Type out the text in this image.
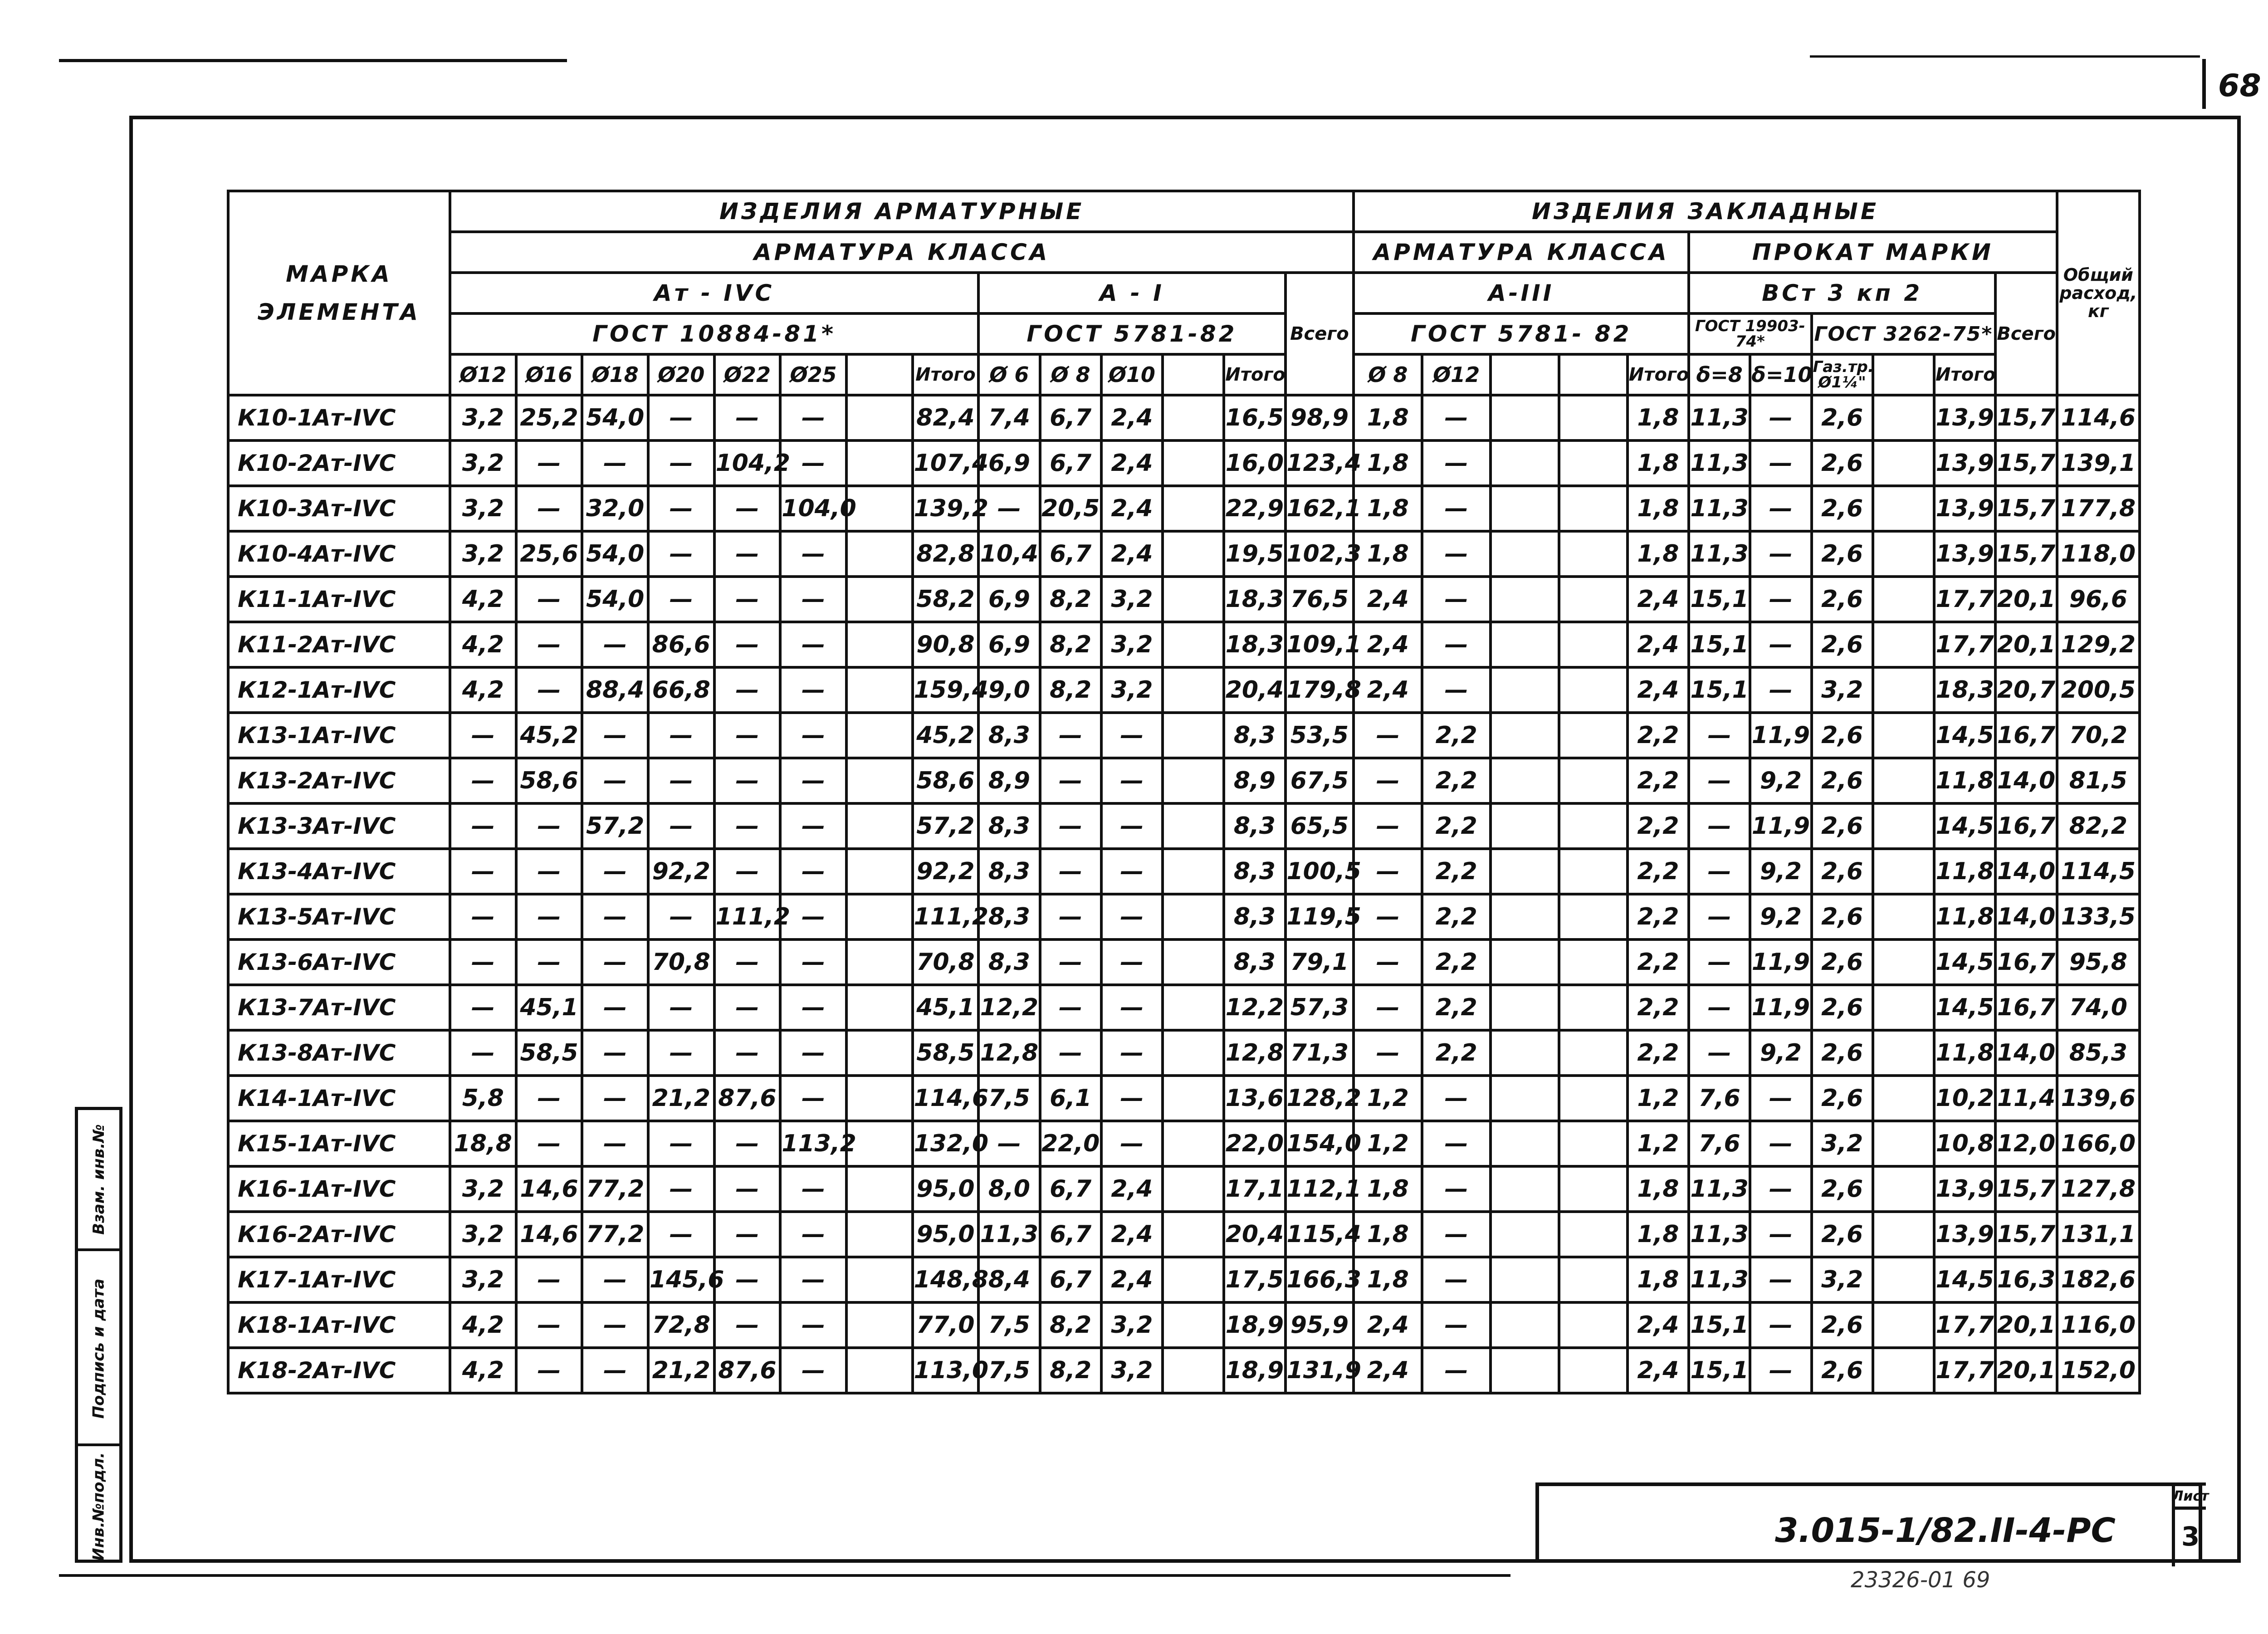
68
Взам. инв.№
Подпись и дата
Инв.№подл.	3.015-1/82.II-4-РС
Лист
3
23326-01 69
МАРКА ЭЛЕМЕНТА	ИЗДЕЛИЯ АРМАТУРНЫЕ														ИЗДЕЛИЯ ЗАКЛАДНЫЕ											Общий расход, кг
	АРМАТУРА КЛАССА														АРМАТУРА КЛАССА					ПРОКАТ МАРКИ						
	Ат - IVС								А - I					Всего	А-III					ВСт 3 кп 2					Всего	
	ГОСТ 10884-81*								ГОСТ 5781-82						ГОСТ 5781- 82					ГОСТ 19903-74*		ГОСТ 3262-75*				
	Ø12	Ø16	Ø18	Ø20	Ø22	Ø25		Итого	Ø 6	Ø 8	Ø10		Итого		Ø 8	Ø12			Итого	δ=8	δ=10	Газ.тр. Ø1¼"		Итого		
К10-1Ат-IVС	3,2	25,2	54,0	—	—	—		82,4	7,4	6,7	2,4		16,5	98,9	1,8	—			1,8	11,3	—	2,6		13,9	15,7	114,6
К10-2Ат-IVС	3,2	—	—	—	104,2	—		107,4	6,9	6,7	2,4		16,0	123,4	1,8	—			1,8	11,3	—	2,6		13,9	15,7	139,1
К10-3Ат-IVС	3,2	—	32,0	—	—	104,0		139,2	—	20,5	2,4		22,9	162,1	1,8	—			1,8	11,3	—	2,6		13,9	15,7	177,8
К10-4Ат-IVС	3,2	25,6	54,0	—	—	—		82,8	10,4	6,7	2,4		19,5	102,3	1,8	—			1,8	11,3	—	2,6		13,9	15,7	118,0
К11-1Ат-IVС	4,2	—	54,0	—	—	—		58,2	6,9	8,2	3,2		18,3	76,5	2,4	—			2,4	15,1	—	2,6		17,7	20,1	96,6
К11-2Ат-IVС	4,2	—	—	86,6	—	—		90,8	6,9	8,2	3,2		18,3	109,1	2,4	—			2,4	15,1	—	2,6		17,7	20,1	129,2
К12-1Ат-IVС	4,2	—	88,4	66,8	—	—		159,4	9,0	8,2	3,2		20,4	179,8	2,4	—			2,4	15,1	—	3,2		18,3	20,7	200,5
К13-1Ат-IVС	—	45,2	—	—	—	—		45,2	8,3	—	—		8,3	53,5	—	2,2			2,2	—	11,9	2,6		14,5	16,7	70,2
К13-2Ат-IVС	—	58,6	—	—	—	—		58,6	8,9	—	—		8,9	67,5	—	2,2			2,2	—	9,2	2,6		11,8	14,0	81,5
К13-3Ат-IVС	—	—	57,2	—	—	—		57,2	8,3	—	—		8,3	65,5	—	2,2			2,2	—	11,9	2,6		14,5	16,7	82,2
К13-4Ат-IVС	—	—	—	92,2	—	—		92,2	8,3	—	—		8,3	100,5	—	2,2			2,2	—	9,2	2,6		11,8	14,0	114,5
К13-5Ат-IVС	—	—	—	—	111,2	—		111,2	8,3	—	—		8,3	119,5	—	2,2			2,2	—	9,2	2,6		11,8	14,0	133,5
К13-6Ат-IVС	—	—	—	70,8	—	—		70,8	8,3	—	—		8,3	79,1	—	2,2			2,2	—	11,9	2,6		14,5	16,7	95,8
К13-7Ат-IVС	—	45,1	—	—	—	—		45,1	12,2	—	—		12,2	57,3	—	2,2			2,2	—	11,9	2,6		14,5	16,7	74,0
К13-8Ат-IVС	—	58,5	—	—	—	—		58,5	12,8	—	—		12,8	71,3	—	2,2			2,2	—	9,2	2,6		11,8	14,0	85,3
К14-1Ат-IVС	5,8	—	—	21,2	87,6	—		114,6	7,5	6,1	—		13,6	128,2	1,2	—			1,2	7,6	—	2,6		10,2	11,4	139,6
К15-1Ат-IVС	18,8	—	—	—	—	113,2		132,0	—	22,0	—		22,0	154,0	1,2	—			1,2	7,6	—	3,2		10,8	12,0	166,0
К16-1Ат-IVС	3,2	14,6	77,2	—	—	—		95,0	8,0	6,7	2,4		17,1	112,1	1,8	—			1,8	11,3	—	2,6		13,9	15,7	127,8
К16-2Ат-IVС	3,2	14,6	77,2	—	—	—		95,0	11,3	6,7	2,4		20,4	115,4	1,8	—			1,8	11,3	—	2,6		13,9	15,7	131,1
К17-1Ат-IVС	3,2	—	—	145,6	—	—		148,8	8,4	6,7	2,4		17,5	166,3	1,8	—			1,8	11,3	—	3,2		14,5	16,3	182,6
К18-1Ат-IVС	4,2	—	—	72,8	—	—		77,0	7,5	8,2	3,2		18,9	95,9	2,4	—			2,4	15,1	—	2,6		17,7	20,1	116,0
К18-2Ат-IVС	4,2	—	—	21,2	87,6	—		113,0	7,5	8,2	3,2		18,9	131,9	2,4	—			2,4	15,1	—	2,6		17,7	20,1	152,0
